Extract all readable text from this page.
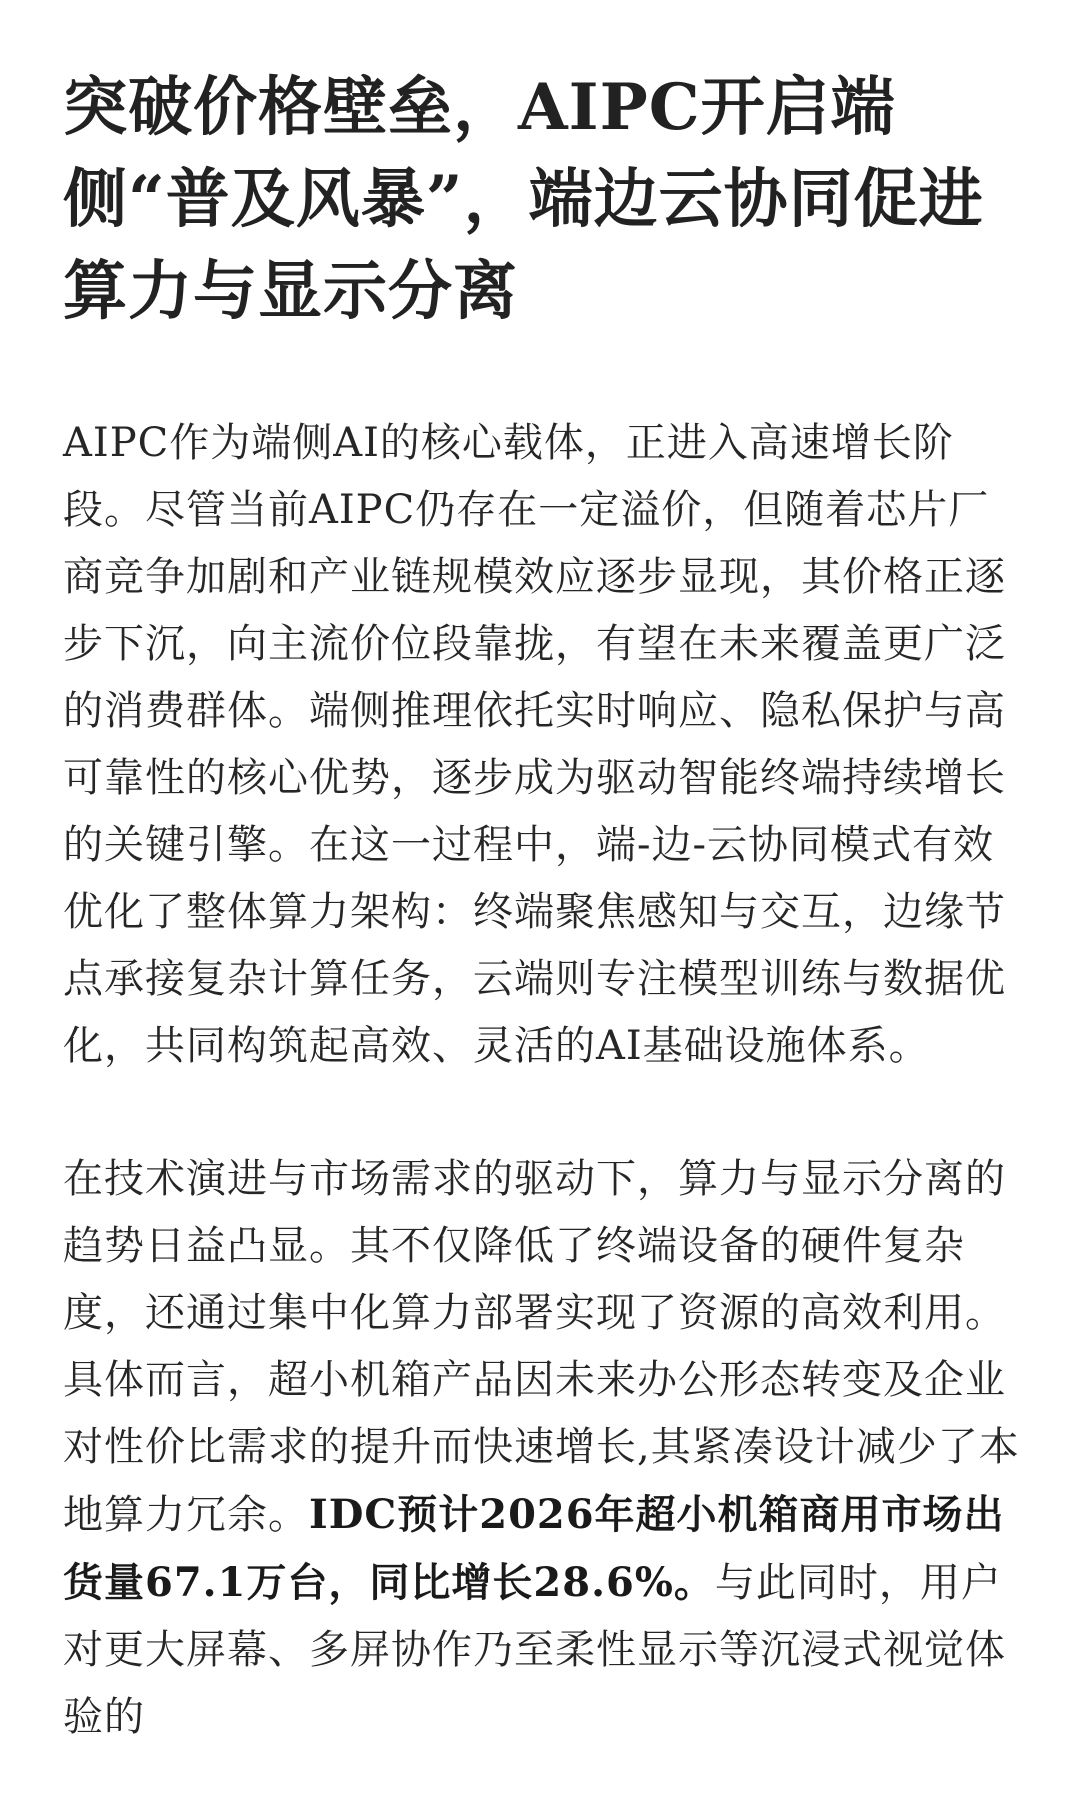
突破价格壁垒，AIPC开启端侧“普及风暴”，端边云协同促进算力与显示分离

AIPC作为端侧AI的核心载体，正进入高速增长阶段。尽管当前AIPC仍存在一定溢价，但随着芯片厂商竞争加剧和产业链规模效应逐步显现，其价格正逐步下沉，向主流价位段靠拢，有望在未来覆盖更广泛的消费群体。端侧推理依托实时响应、隐私保护与高可靠性的核心优势，逐步成为驱动智能终端持续增长的关键引擎。在这一过程中，端-边-云协同模式有效优化了整体算力架构：终端聚焦感知与交互，边缘节点承接复杂计算任务，云端则专注模型训练与数据优化，共同构筑起高效、灵活的AI基础设施体系。

在技术演进与市场需求的驱动下，算力与显示分离的趋势日益凸显。其不仅降低了终端设备的硬件复杂度，还通过集中化算力部署实现了资源的高效利用。具体而言，超小机箱产品因未来办公形态转变及企业对性价比需求的提升而快速增长,其紧凑设计减少了本地算力冗余。IDC预计2026年超小机箱商用市场出货量67.1万台，同比增长28.6%。与此同时，用户对更大屏幕、多屏协作乃至柔性显示等沉浸式视觉体验的
